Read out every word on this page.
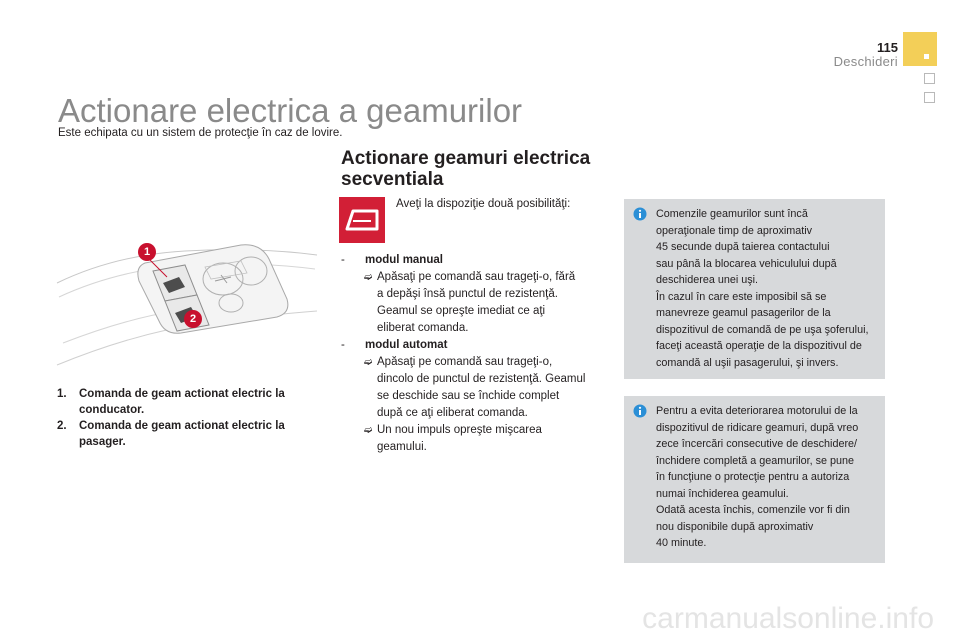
115
Deschideri
Actionare electrica a geamurilor
Este echipata cu un sistem de protecţie în caz de lovire.
Actionare geamuri electrica
secventiala
Aveţi la dispoziţie două posibilităţi:
1
2
- modul manual
➫ Apăsaţi pe comandă sau trageţi-o, fără
a depăşi însă punctul de rezistenţă.
Geamul se opreşte imediat ce aţi
eliberat comanda.
- modul automat
➫ Apăsaţi pe comandă sau trageţi-o,
dincolo de punctul de rezistenţă. Geamul
se deschide sau se închide complet
după ce aţi eliberat comanda.
➫ Un nou impuls opreşte mişcarea
geamului.
1. Comanda de geam actionat electric la
conducator.
2. Comanda de geam actionat electric la
pasager.
Comenzile geamurilor sunt încă
operaţionale timp de aproximativ
45 secunde după taierea contactului
sau până la blocarea vehiculului după
deschiderea unei uşi.
În cazul în care este imposibil să se
manevreze geamul pasagerilor de la
dispozitivul de comandă de pe uşa şoferului,
faceţi această operaţie de la dispozitivul de
comandă al uşii pasagerului, şi invers.
Pentru a evita deteriorarea motorului de la
dispozitivul de ridicare geamuri, după vreo
zece încercări consecutive de deschidere/
închidere completă a geamurilor, se pune
în funcţiune o protecţie pentru a autoriza
numai închiderea geamului.
Odată acesta închis, comenzile vor fi din
nou disponibile după aproximativ
40 minute.
carmanualsonline.info
